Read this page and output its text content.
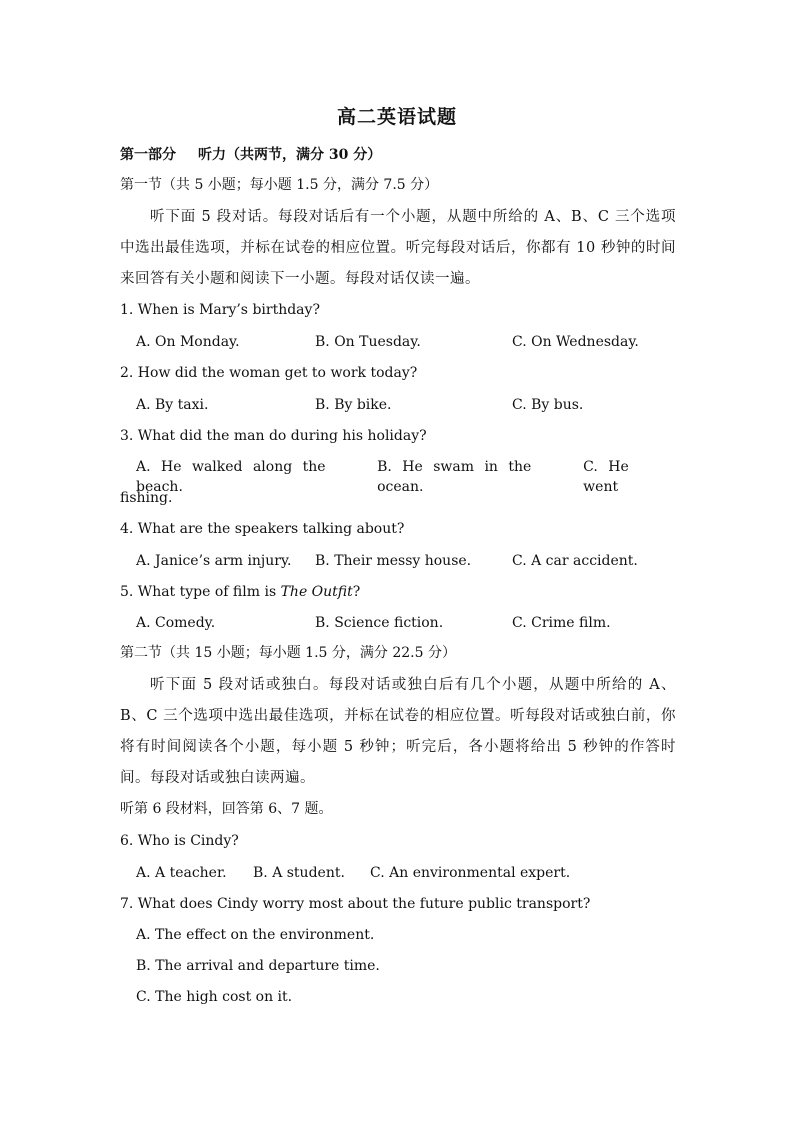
高二英语试题
第一部分 听力（共两节，满分 30 分）
第一节（共 5 小题；每小题 1.5 分，满分 7.5 分）
听下面 5 段对话。每段对话后有一个小题，从题中所给的 A、B、C 三个选项中选出最佳选项，并标在试卷的相应位置。听完每段对话后，你都有 10 秒钟的时间来回答有关小题和阅读下一小题。每段对话仅读一遍。
1. When is Mary’s birthday?
A. On Monday.	B. On Tuesday.	C. On Wednesday.
2. How did the woman get to work today?
A. By taxi.	B. By bike.	C. By bus.
3. What did the man do during his holiday?
A. He walked along the beach.
B. He swam in the ocean.
C. He went
fishing.
4. What are the speakers talking about?
A. Janice’s arm injury. B. Their messy house.	C. A car accident.
5. What type of film is The Outfit?
A. Comedy.	B. Science fiction.	C. Crime film.
第二节（共 15 小题；每小题 1.5 分，满分 22.5 分）
听下面 5 段对话或独白。每段对话或独白后有几个小题，从题中所给的 A、B、C 三个选项中选出最佳选项，并标在试卷的相应位置。听每段对话或独白前，你将有时间阅读各个小题，每小题 5 秒钟；听完后，各小题将给出 5 秒钟的作答时间。每段对话或独白读两遍。
听第 6 段材料，回答第 6、7 题。
6. Who is Cindy?
A. A teacher. B. A student. C. An environmental expert.
7. What does Cindy worry most about the future public transport?
A. The effect on the environment.
B. The arrival and departure time.
C. The high cost on it.
